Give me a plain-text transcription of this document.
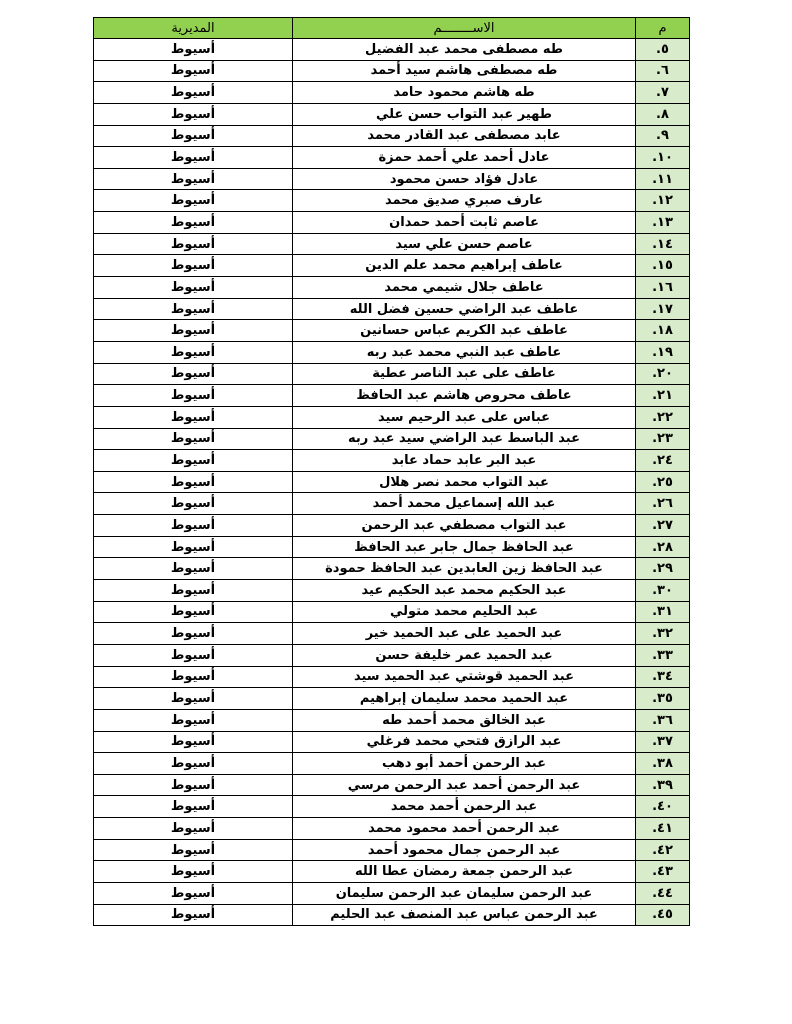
م	الاســــــــم	المديرية
٥.	طه مصطفى محمد عبد الفضيل	أسيوط
٦.	طه مصطفى هاشم سيد أحمد	أسيوط
٧.	طه هاشم محمود حامد	أسيوط
٨.	طهير عبد التواب حسن علي	أسيوط
٩.	عابد مصطفى عبد القادر محمد	أسيوط
١٠.	عادل أحمد علي أحمد حمزة	أسيوط
١١.	عادل فؤاد حسن محمود	أسيوط
١٢.	عارف صبري صديق محمد	أسيوط
١٣.	عاصم ثابت أحمد حمدان	أسيوط
١٤.	عاصم حسن علي سيد	أسيوط
١٥.	عاطف إبراهيم محمد علم الدين	أسيوط
١٦.	عاطف جلال شيمي محمد	أسيوط
١٧.	عاطف عبد الراضي حسين فضل الله	أسيوط
١٨.	عاطف عبد الكريم عباس حسانين	أسيوط
١٩.	عاطف عبد النبي محمد عبد ربه	أسيوط
٢٠.	عاطف على عبد الناصر عطية	أسيوط
٢١.	عاطف محروص هاشم عبد الحافظ	أسيوط
٢٢.	عباس على عبد الرحيم سيد	أسيوط
٢٣.	عبد الباسط عبد الراضي سيد عبد ربه	أسيوط
٢٤.	عبد البر عابد حماد عابد	أسيوط
٢٥.	عبد التواب محمد نصر هلال	أسيوط
٢٦.	عبد الله إسماعيل محمد أحمد	أسيوط
٢٧.	عبد التواب مصطفي عبد الرحمن	أسيوط
٢٨.	عبد الحافظ جمال جابر عبد الحافظ	أسيوط
٢٩.	عبد الحافظ زين العابدين عبد الحافظ حمودة	أسيوط
٣٠.	عبد الحكيم محمد عبد الحكيم عيد	أسيوط
٣١.	عبد الحليم محمد متولي	أسيوط
٣٢.	عبد الحميد على عبد الحميد خير	أسيوط
٣٣.	عبد الحميد عمر خليفة حسن	أسيوط
٣٤.	عبد الحميد قوشتي عبد الحميد سيد	أسيوط
٣٥.	عبد الحميد محمد سليمان إبراهيم	أسيوط
٣٦.	عبد الخالق محمد أحمد طه	أسيوط
٣٧.	عبد الرازق فتحي محمد فرغلي	أسيوط
٣٨.	عبد الرحمن أحمد أبو دهب	أسيوط
٣٩.	عبد الرحمن أحمد عبد الرحمن مرسي	أسيوط
٤٠.	عبد الرحمن أحمد محمد	أسيوط
٤١.	عبد الرحمن أحمد محمود محمد	أسيوط
٤٢.	عبد الرحمن جمال محمود أحمد	أسيوط
٤٣.	عبد الرحمن جمعة رمضان عطا الله	أسيوط
٤٤.	عبد الرحمن سليمان عبد الرحمن سليمان	أسيوط
٤٥.	عبد الرحمن عباس عبد المنصف عبد الحليم	أسيوط
